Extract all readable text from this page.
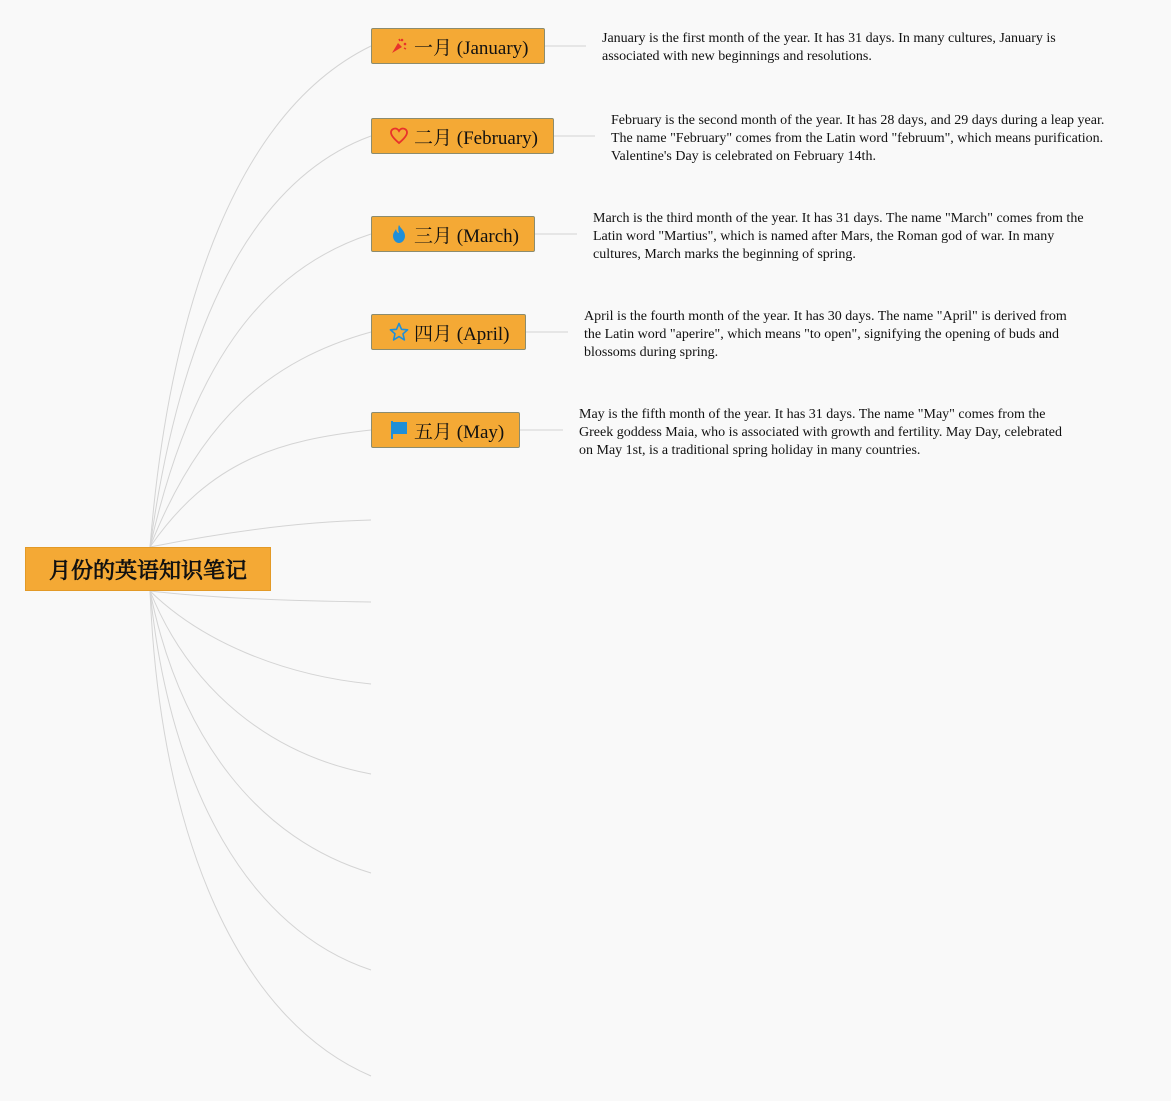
月份的英语知识笔记
一月 (January)	January is the first month of the year. It has 31 days. In many cultures, January is associated with new beginnings and resolutions.
二月 (February)
February is the second month of the year. It has 28 days, and 29 days during a leap year. The name "February" comes from the Latin word "februum", which means purification. Valentine's Day is celebrated on February 14th.
三月 (March)
March is the third month of the year. It has 31 days. The name "March" comes from the Latin word "Martius", which is named after Mars, the Roman god of war. In many cultures, March marks the beginning of spring.
四月 (April)
April is the fourth month of the year. It has 30 days. The name "April" is derived from the Latin word "aperire", which means "to open", signifying the opening of buds and blossoms during spring.
五月 (May)
May is the fifth month of the year. It has 31 days. The name "May" comes from the Greek goddess Maia, who is associated with growth and fertility. May Day, celebrated on May 1st, is a traditional spring holiday in many countries.
